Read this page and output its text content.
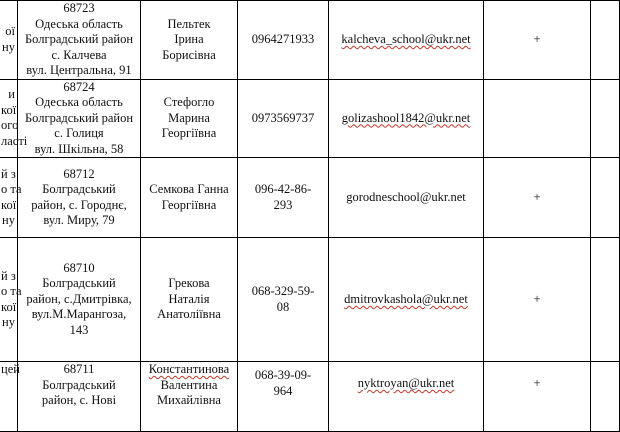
ої
ну	68723
Одеська область
Болградський район
с. Калчева
вул. Центральна, 91	Пельтек
Ірина
Борисівна	0964271933	kalcheva_school@ukr.net	+	

и
кої
ого
ласті	68724
Одеська область
Болградський район
с. Голиця
вул. Шкільна, 58	Стефогло
Марина
Георгіївна	0973569737	golizashool1842@ukr.net		

й з
о та
кої
ну	68712
Болградський
район, с. Городнє,
вул. Миру, 79	Семкова Ганна
Георгіївна	096-42-86-
293	gorodneschool@ukr.net	+	

й з
о та
кої
ну	68710
Болградський
район, с.Дмитрівка,
вул.М.Марангоза,
143	Грекова
Наталія
Анатоліївна	068-329-59-
08	dmitrovkashola@ukr.net	+	

цей	68711
Болградський
район, с. Нові	Константинова
Валентина
Михайлівна	068-39-09-
964	nyktroyan@ukr.net	+	
